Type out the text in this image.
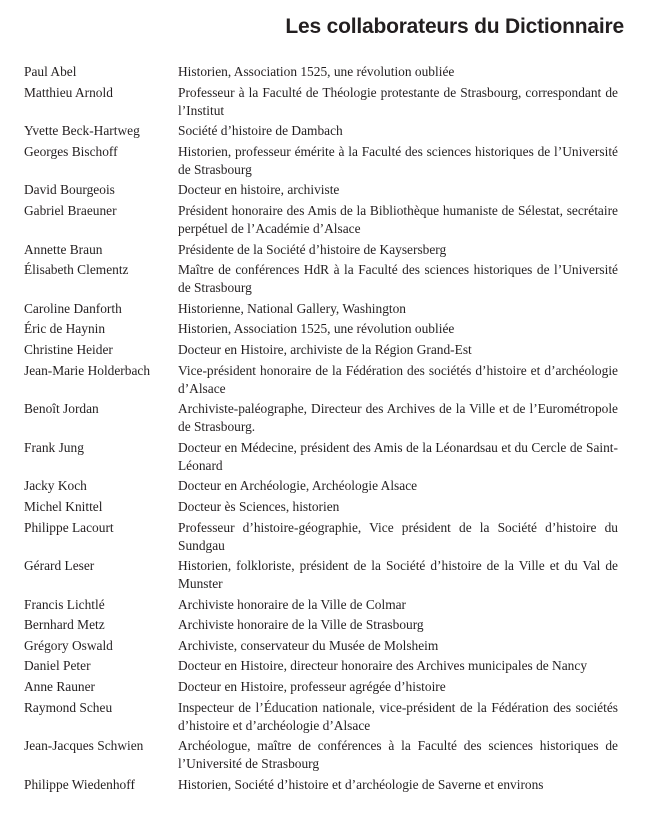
Les collaborateurs du Dictionnaire
Paul Abel	Historien, Association 1525, une révolution oubliée
Matthieu Arnold	Professeur à la Faculté de Théologie protestante de Strasbourg, correspondant de l’Institut
Yvette Beck-Hartweg	Société d’histoire de Dambach
Georges Bischoff	Historien, professeur émérite à la Faculté des sciences historiques de l’Université de Strasbourg
David Bourgeois	Docteur en histoire, archiviste
Gabriel Braeuner	Président honoraire des Amis de la Bibliothèque humaniste de Sélestat, secrétaire perpétuel de l’Académie d’Alsace
Annette Braun	Présidente de la Société d’histoire de Kaysersberg
Élisabeth Clementz	Maître de conférences HdR à la Faculté des sciences historiques de l’Université de Strasbourg
Caroline Danforth	Historienne, National Gallery, Washington
Éric de Haynin	Historien, Association 1525, une révolution oubliée
Christine Heider	Docteur en Histoire, archiviste de la Région Grand-Est
Jean-Marie Holderbach	Vice-président honoraire de la Fédération des sociétés d’histoire et d’archéologie d’Alsace
Benoît Jordan	Archiviste-paléographe, Directeur des Archives de la Ville et de l’Eurométropole de Strasbourg.
Frank Jung	Docteur en Médecine, président des Amis de la Léonardsau et du Cercle de Saint-Léonard
Jacky Koch	Docteur en Archéologie, Archéologie Alsace
Michel Knittel	Docteur ès Sciences, historien
Philippe Lacourt	Professeur d’histoire-géographie, Vice président de la Société d’histoire du Sundgau
Gérard Leser	Historien, folkloriste, président de la Société d’histoire de la Ville et du Val de Munster
Francis Lichtlé	Archiviste honoraire de la Ville de Colmar
Bernhard Metz	Archiviste honoraire de la Ville de Strasbourg
Grégory Oswald	Archiviste, conservateur du Musée de Molsheim
Daniel Peter	Docteur en Histoire, directeur honoraire des Archives municipales de Nancy
Anne Rauner	Docteur en Histoire, professeur agrégée d’histoire
Raymond Scheu	Inspecteur de l’Éducation nationale, vice-président de la Fédération des sociétés d’histoire et d’archéologie d’Alsace
Jean-Jacques Schwien	Archéologue, maître de conférences à la Faculté des sciences historiques de l’Université de Strasbourg
Philippe Wiedenhoff	Historien, Société d’histoire et d’archéologie de Saverne et environs
